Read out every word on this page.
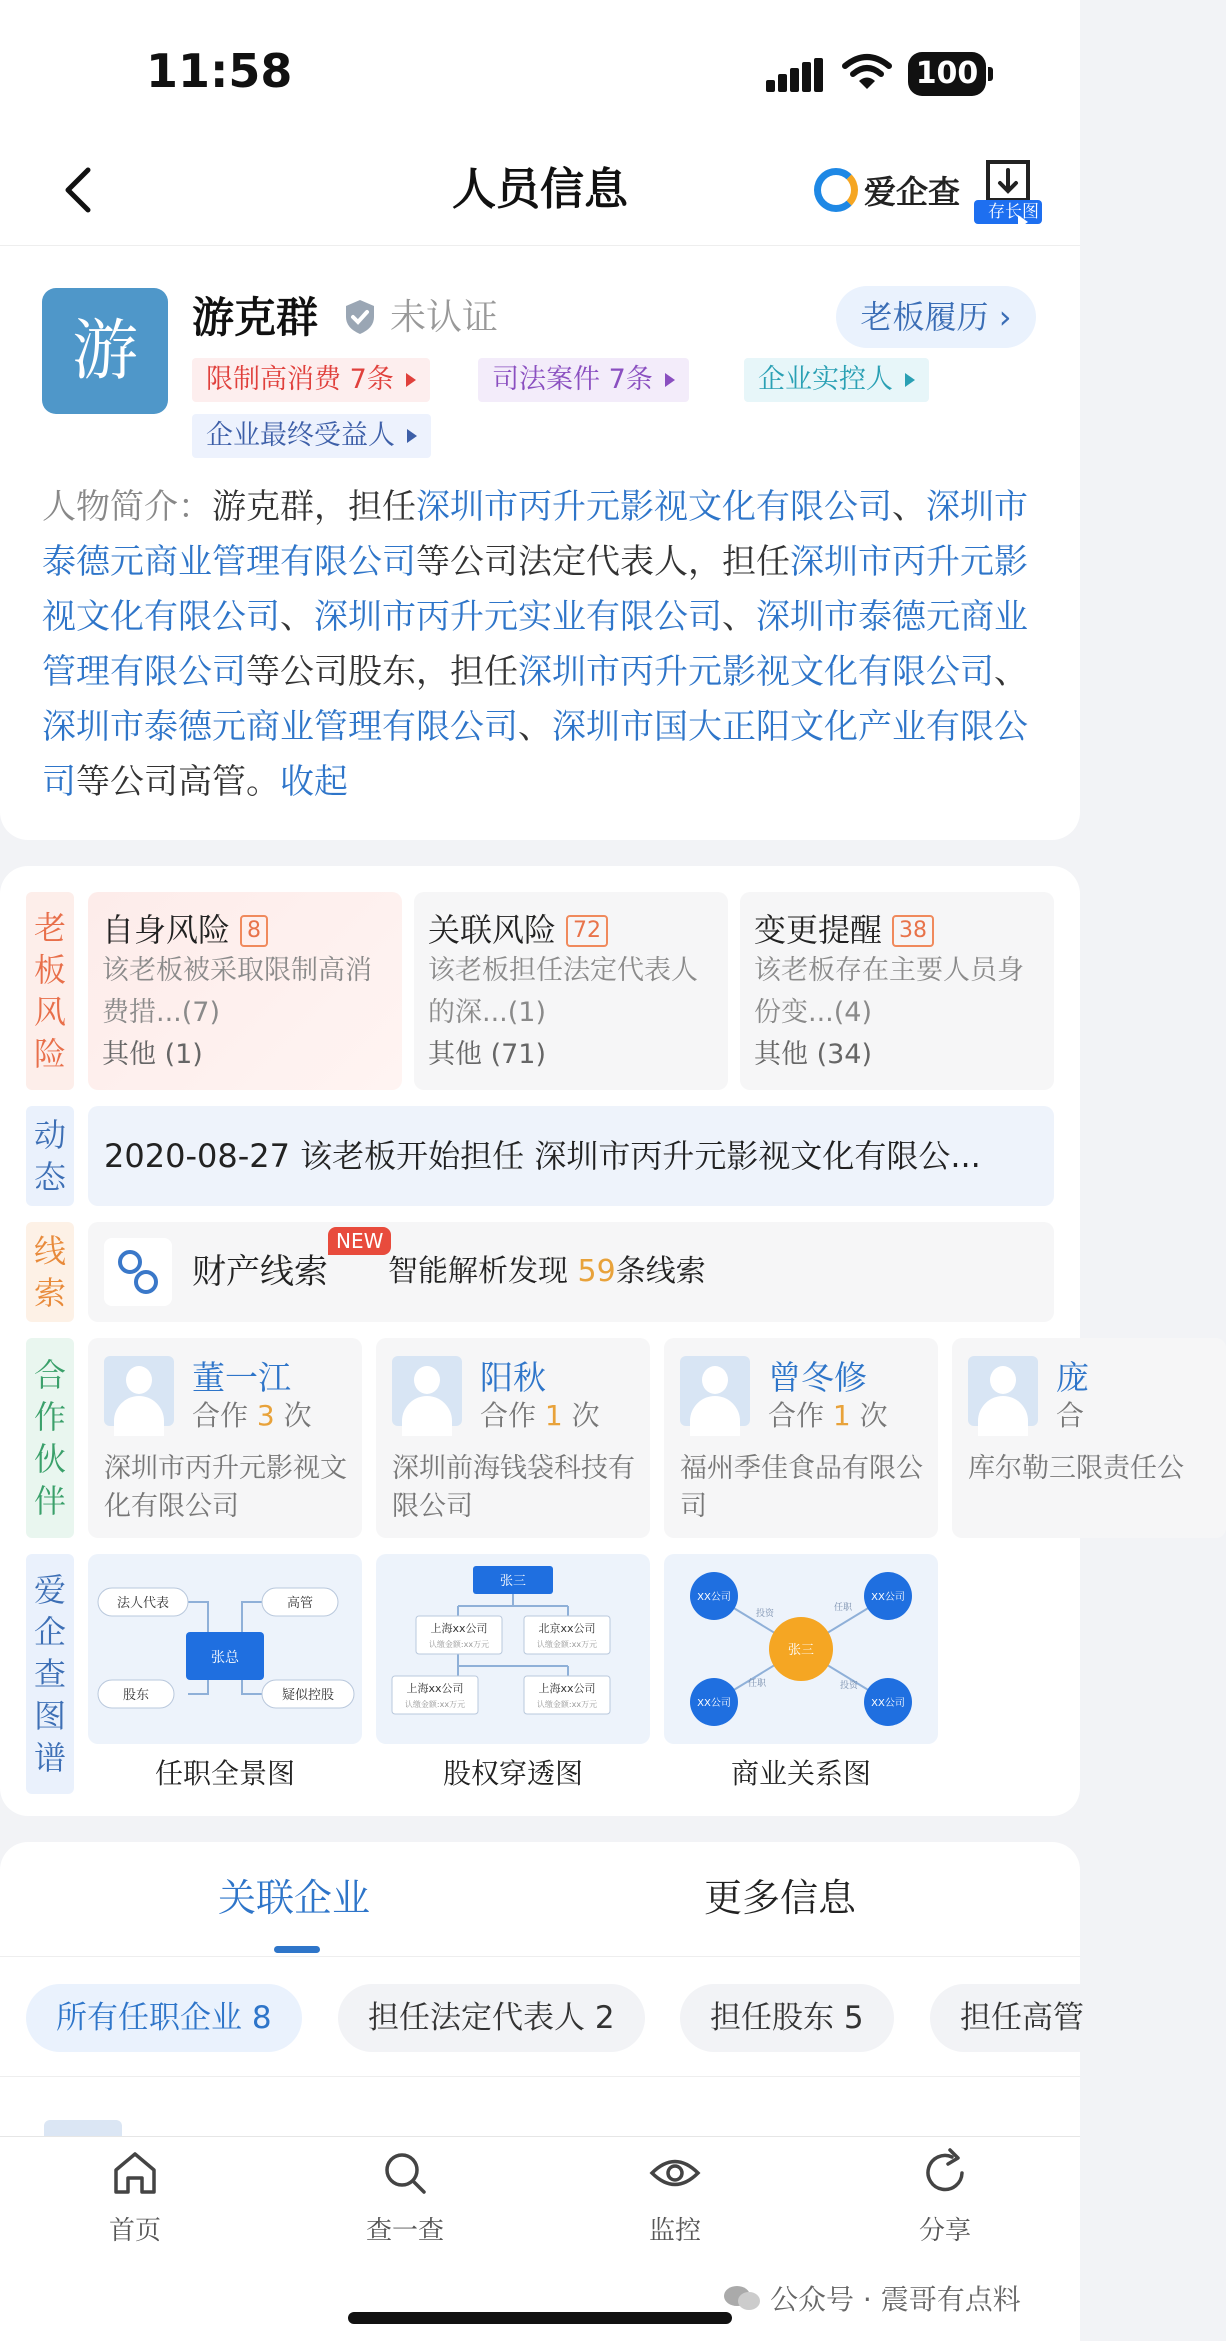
11:58	100
人员信息	爱企查
存长图
游	游克群 未认证	老板履历 ›
限制高消费 7条	司法案件 7条	企业实控人
企业最终受益人
人物简介：游克群，担任深圳市丙升元影视文化有限公司、深圳市泰德元商业管理有限公司等公司法定代表人，担任深圳市丙升元影视文化有限公司、深圳市丙升元实业有限公司、深圳市泰德元商业管理有限公司等公司股东，担任深圳市丙升元影视文化有限公司、深圳市泰德元商业管理有限公司、深圳市国大正阳文化产业有限公司等公司高管。收起
老板风险
自身风险 8

该老板被采取限制高消

费措...(7)

其他 (1)

关联风险 72

该老板担任法定代表人

的深...(1)

其他 (71)

变更提醒 38

该老板存在主要人员身

份变...(4)

其他 (34)

动态
2020-08-27 该老板开始担任 深圳市丙升元影视文化有限公...
线索
财产线索
NEW
智能解析发现 59条线索
合作伙伴
董一江
合作 3 次
深圳市丙升元影视文化有限公司
阳秋
合作 1 次
深圳前海钱袋科技有限公司
曾冬修
合作 1 次
福州季佳食品有限公司
庞
合
库尔勒三限责任公
爱企查图谱
张总
法人代表	高管
股东	疑似控股
任职全景图
张三
上海xx公司
认缴金额:xx万元
北京xx公司
认缴金额:xx万元
上海xx公司
认缴金额:xx万元
上海xx公司
认缴金额:xx万元
股权穿透图
张三
XX公司	XX公司
XX公司	XX公司
投资
任职
任职	投资
商业关系图
关联企业	更多信息
所有任职企业 8	担任法定代表人 2	担任股东 5	担任高管
首页	查一查	监控	分享
公众号 · 震哥有点料
